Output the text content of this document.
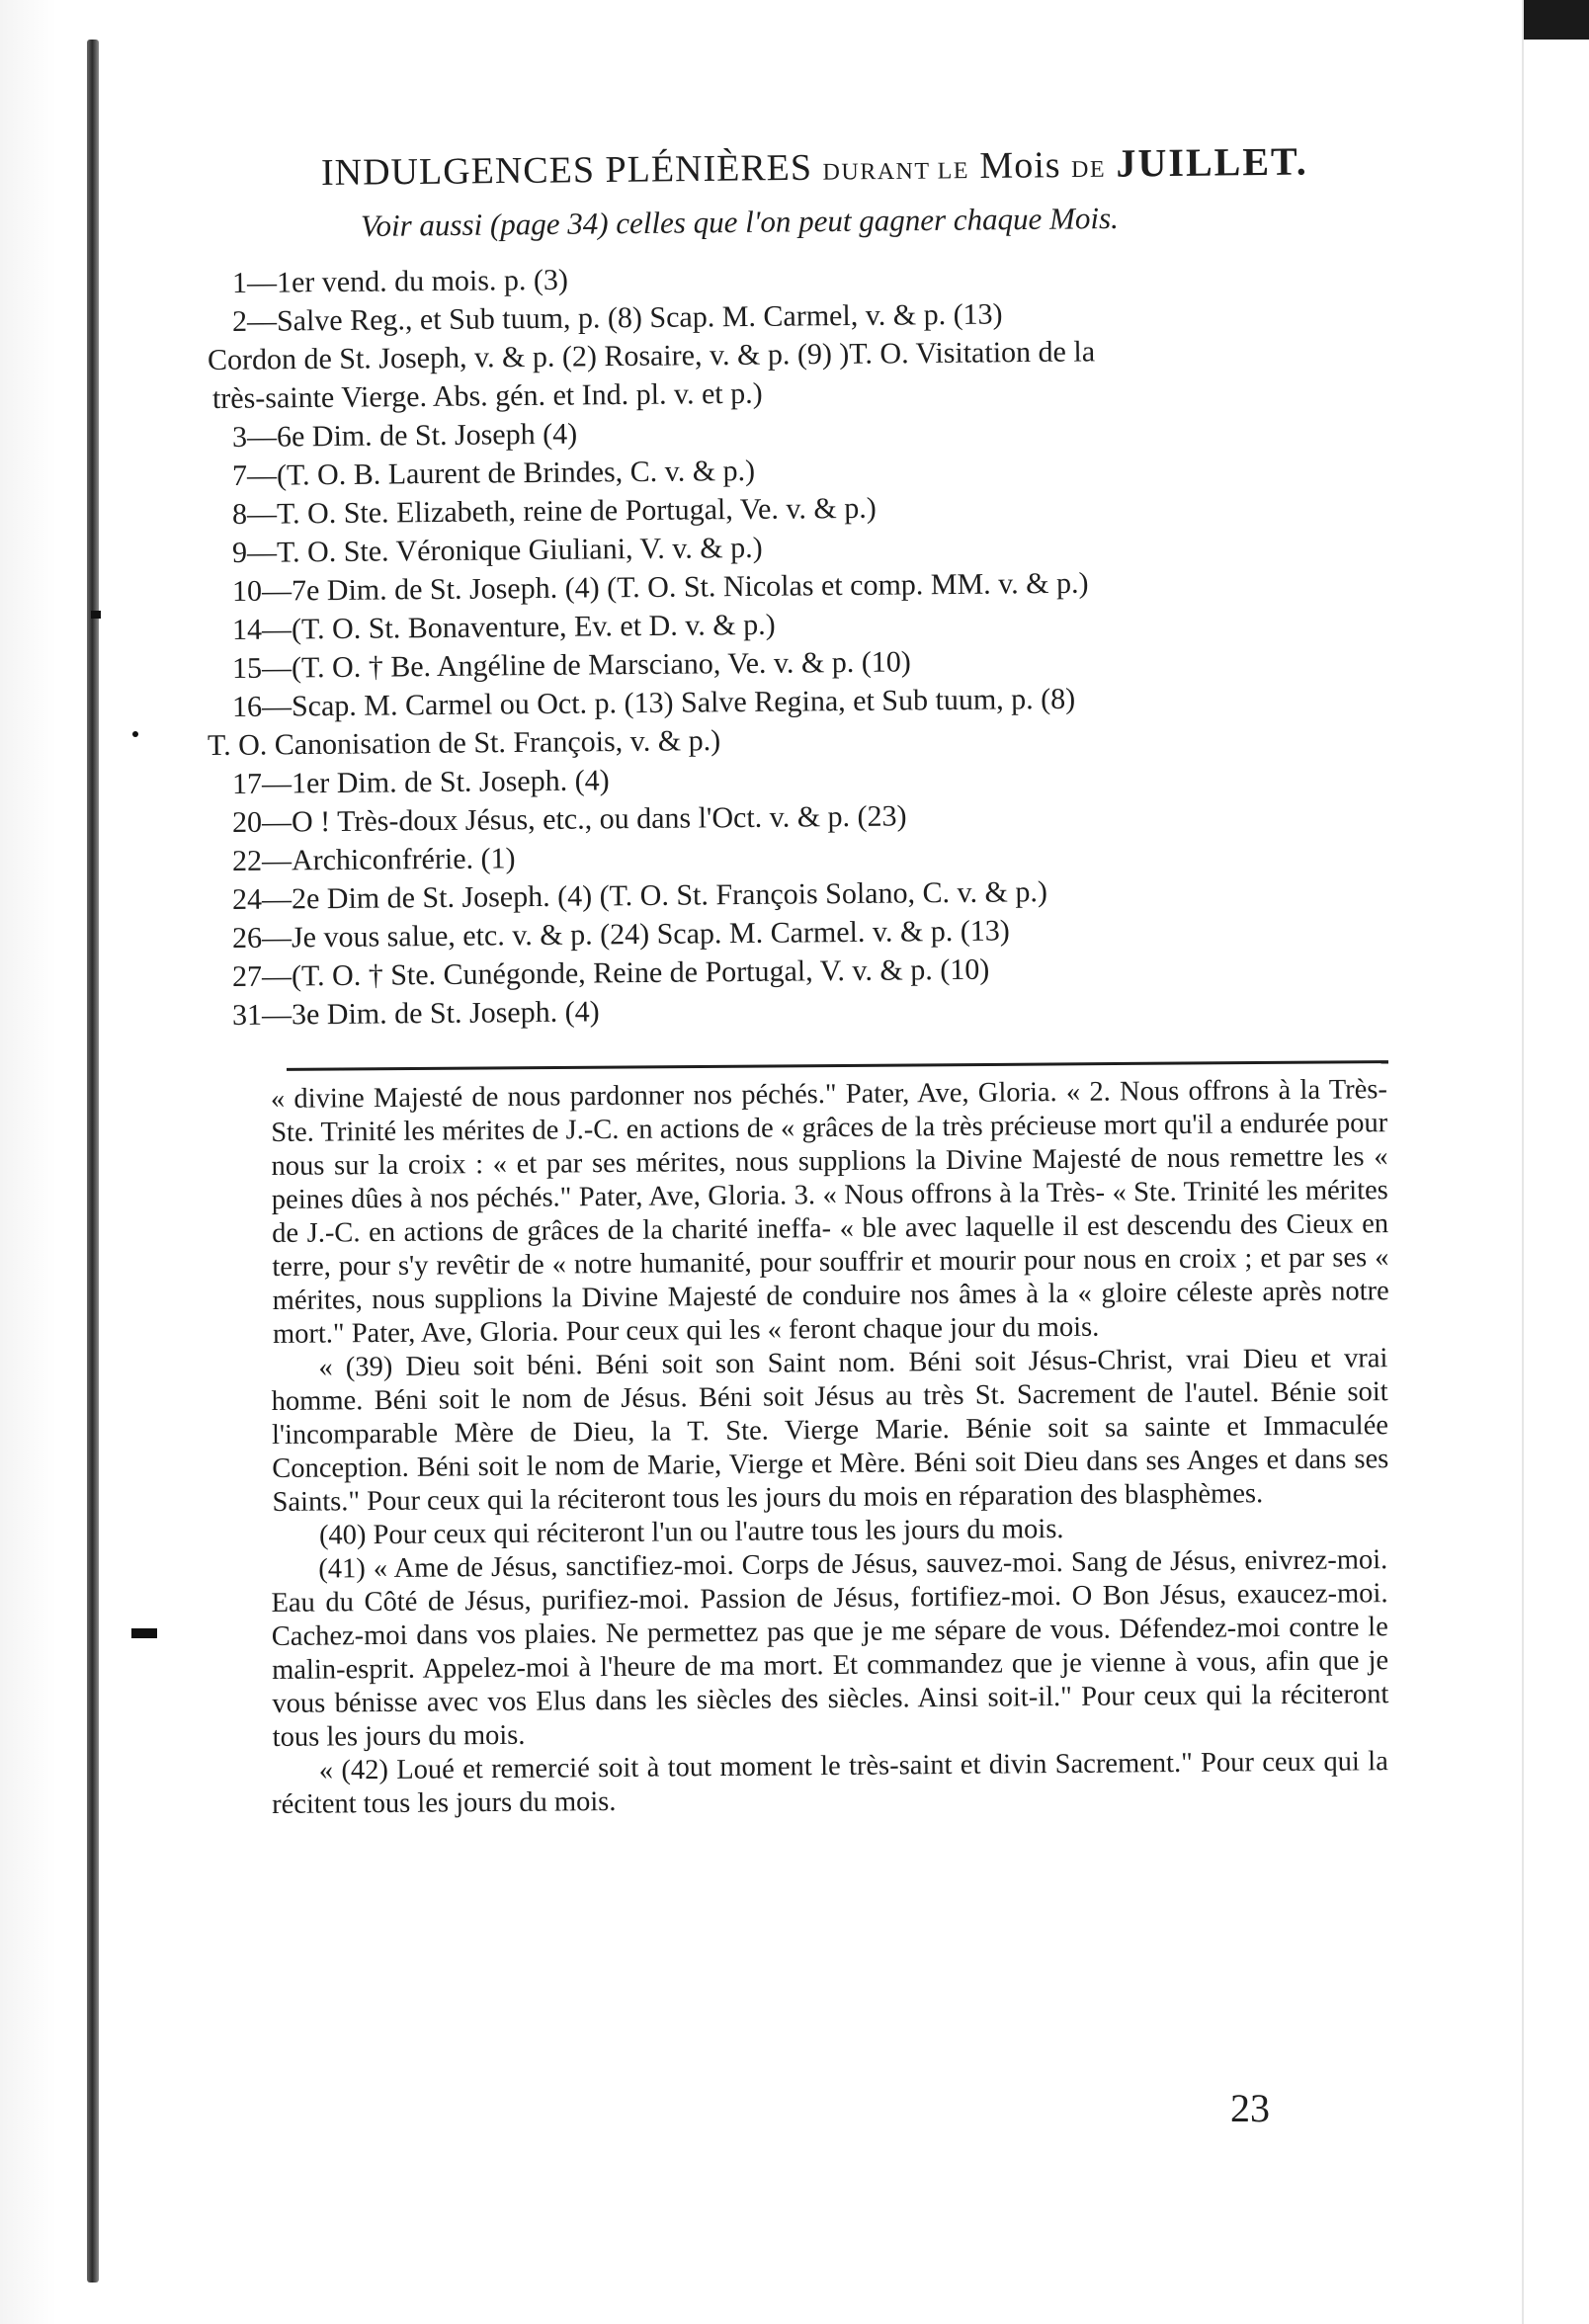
INDULGENCES PLÉNIÈRES DURANT LE Mois DE JUILLET.

Voir aussi (page 34) celles que l'on peut gagner chaque Mois.

1—1er vend. du mois. p. (3)
2—Salve Reg., et Sub tuum, p. (8) Scap. M. Carmel, v. & p. (13)
Cordon de St. Joseph, v. & p. (2) Rosaire, v. & p. (9) )T. O. Visitation de la
très-sainte Vierge. Abs. gén. et Ind. pl. v. et p.)
3—6e Dim. de St. Joseph (4)
7—(T. O. B. Laurent de Brindes, C. v. & p.)
8—T. O. Ste. Elizabeth, reine de Portugal, Ve. v. & p.)
9—T. O. Ste. Véronique Giuliani, V. v. & p.)
10—7e Dim. de St. Joseph. (4) (T. O. St. Nicolas et comp. MM. v. & p.)
14—(T. O. St. Bonaventure, Ev. et D. v. & p.)
15—(T. O. † Be. Angéline de Marsciano, Ve. v. & p. (10)
16—Scap. M. Carmel ou Oct. p. (13) Salve Regina, et Sub tuum, p. (8)
T. O. Canonisation de St. François, v. & p.)
17—1er Dim. de St. Joseph. (4)
20—O ! Très-doux Jésus, etc., ou dans l'Oct. v. & p. (23)
22—Archiconfrérie. (1)
24—2e Dim de St. Joseph. (4) (T. O. St. François Solano, C. v. & p.)
26—Je vous salue, etc. v. & p. (24) Scap. M. Carmel. v. & p. (13)
27—(T. O. † Ste. Cunégonde, Reine de Portugal, V. v. & p. (10)
31—3e Dim. de St. Joseph. (4)

« divine Majesté de nous pardonner nos péchés." Pater, Ave, Gloria. « 2. Nous offrons à la Très-Ste. Trinité les mérites de J.-C. en actions de « grâces de la très précieuse mort qu'il a endurée pour nous sur la croix : « et par ses mérites, nous supplions la Divine Majesté de nous remettre les « peines dûes à nos péchés." Pater, Ave, Gloria. 3. « Nous offrons à la Très- « Ste. Trinité les mérites de J.-C. en actions de grâces de la charité ineffa- « ble avec laquelle il est descendu des Cieux en terre, pour s'y revêtir de « notre humanité, pour souffrir et mourir pour nous en croix ; et par ses « mérites, nous supplions la Divine Majesté de conduire nos âmes à la « gloire céleste après notre mort." Pater, Ave, Gloria. Pour ceux qui les « feront chaque jour du mois.

« (39) Dieu soit béni. Béni soit son Saint nom. Béni soit Jésus-Christ, vrai Dieu et vrai homme. Béni soit le nom de Jésus. Béni soit Jésus au très St. Sacrement de l'autel. Bénie soit l'incomparable Mère de Dieu, la T. Ste. Vierge Marie. Bénie soit sa sainte et Immaculée Conception. Béni soit le nom de Marie, Vierge et Mère. Béni soit Dieu dans ses Anges et dans ses Saints." Pour ceux qui la réciteront tous les jours du mois en réparation des blasphèmes.

(40) Pour ceux qui réciteront l'un ou l'autre tous les jours du mois.

(41) « Ame de Jésus, sanctifiez-moi. Corps de Jésus, sauvez-moi. Sang de Jésus, enivrez-moi. Eau du Côté de Jésus, purifiez-moi. Passion de Jésus, fortifiez-moi. O Bon Jésus, exaucez-moi. Cachez-moi dans vos plaies. Ne permettez pas que je me sépare de vous. Défendez-moi contre le malin-esprit. Appelez-moi à l'heure de ma mort. Et commandez que je vienne à vous, afin que je vous bénisse avec vos Elus dans les siècles des siècles. Ainsi soit-il." Pour ceux qui la réciteront tous les jours du mois.

« (42) Loué et remercié soit à tout moment le très-saint et divin Sacrement." Pour ceux qui la récitent tous les jours du mois.

23
